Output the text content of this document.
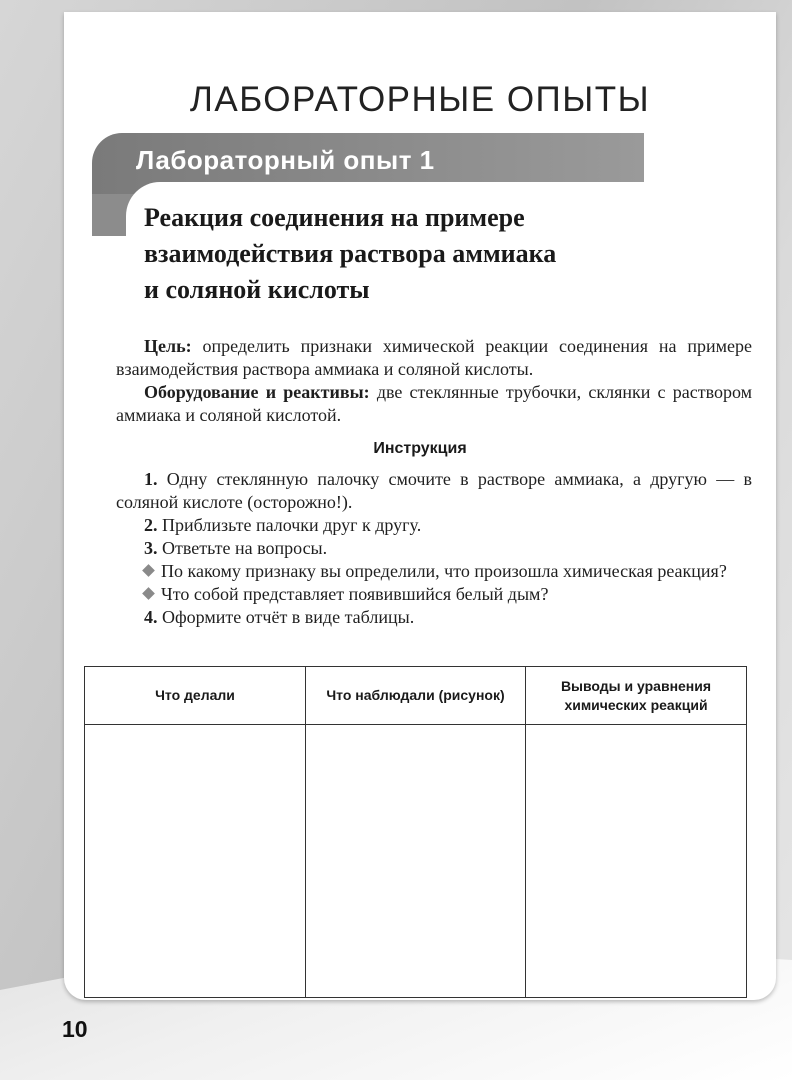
ЛАБОРАТОРНЫЕ ОПЫТЫ
Лабораторный опыт 1
Реакция соединения на примере
взаимодействия раствора аммиака
и соляной кислоты

Цель: определить признаки химической реакции соединения на примере взаимодействия раствора аммиака и соляной кислоты.

Оборудование и реактивы: две стеклянные трубочки, склянки с раствором аммиака и соляной кислотой.

Инструкция

1. Одну стеклянную палочку смочите в растворе аммиака, а другую — в соляной кислоте (осторожно!).

2. Приблизьте палочки друг к другу.

3. Ответьте на вопросы.

По какому признаку вы определили, что произошла химическая реакция?

Что собой представляет появившийся белый дым?

4. Оформите отчёт в виде таблицы.

Что делали	Что наблюдали (рисунок)	Выводы и уравнения химических реакций

10
